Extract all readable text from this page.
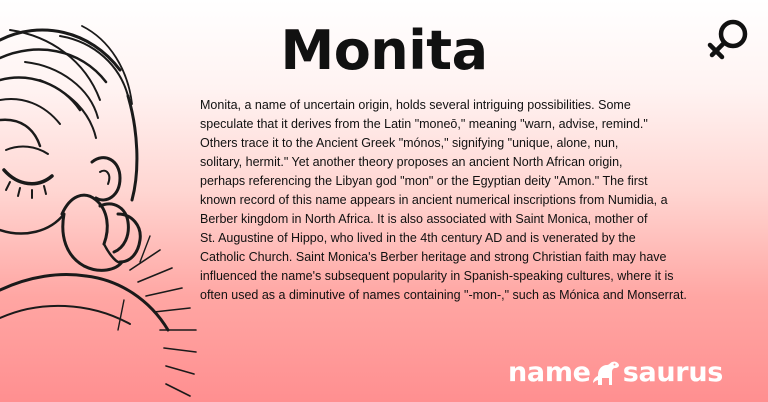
Monita

Monita, a name of uncertain origin, holds several intriguing possibilities. Some
speculate that it derives from the Latin "moneō," meaning "warn, advise, remind."
Others trace it to the Ancient Greek "mónos," signifying "unique, alone, nun,
solitary, hermit." Yet another theory proposes an ancient North African origin,
perhaps referencing the Libyan god "mon" or the Egyptian deity "Amon." The first
known record of this name appears in ancient numerical inscriptions from Numidia, a
Berber kingdom in North Africa. It is also associated with Saint Monica, mother of
St. Augustine of Hippo, who lived in the 4th century AD and is venerated by the
Catholic Church. Saint Monica's Berber heritage and strong Christian faith may have
influenced the name's subsequent popularity in Spanish-speaking cultures, where it is
often used as a diminutive of names containing "-mon-," such as Mónica and Monserrat.

name saurus
